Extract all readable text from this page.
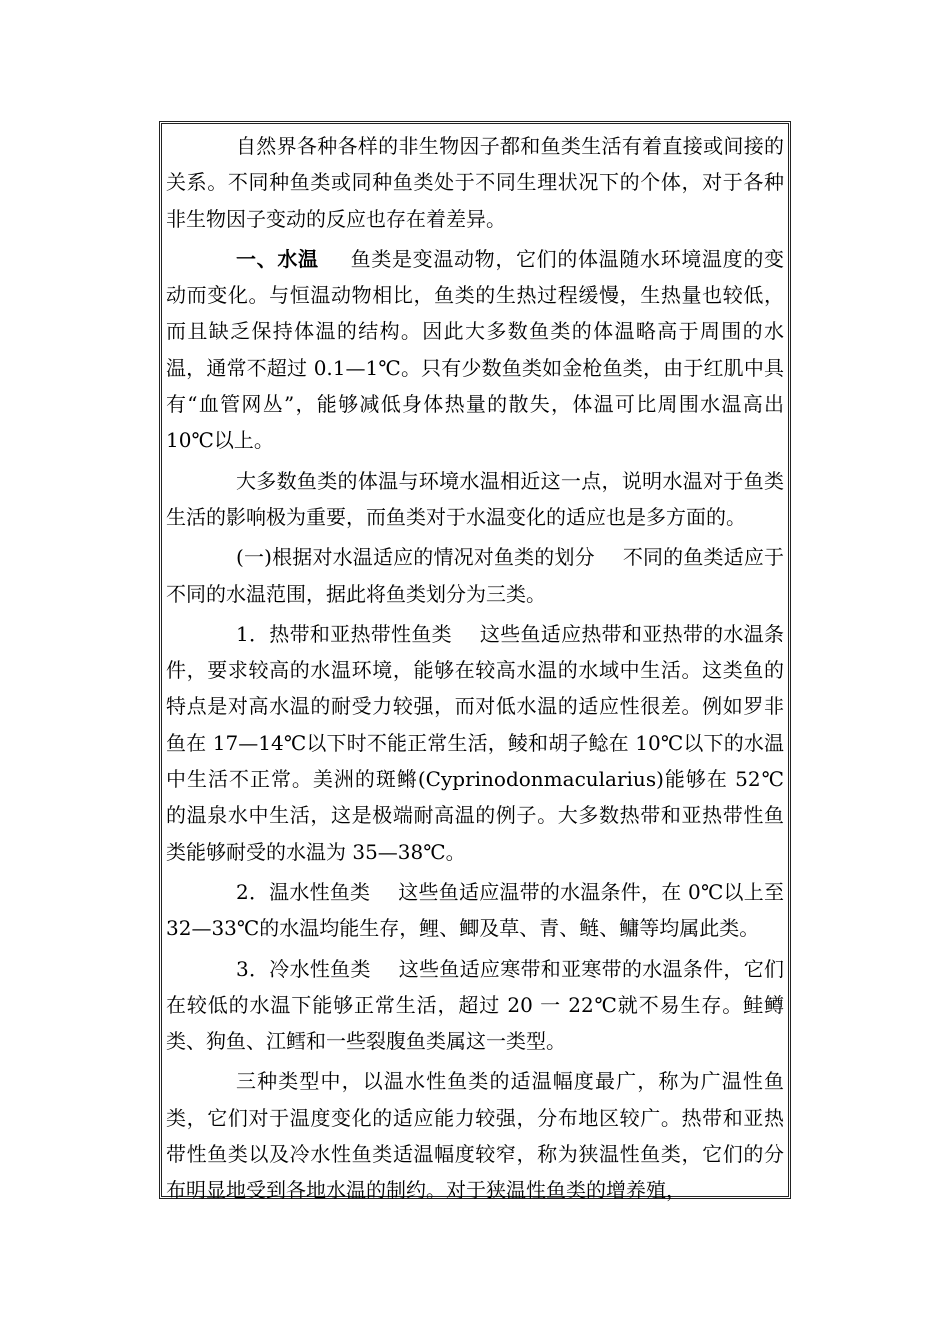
自然界各种各样的非生物因子都和鱼类生活有着直接或间接的关系。不同种鱼类或同种鱼类处于不同生理状况下的个体，对于各种非生物因子变动的反应也存在着差异。

一、水温 鱼类是变温动物，它们的体温随水环境温度的变动而变化。与恒温动物相比，鱼类的生热过程缓慢，生热量也较低，而且缺乏保持体温的结构。因此大多数鱼类的体温略高于周围的水温，通常不超过 0.1—1℃。只有少数鱼类如金枪鱼类，由于红肌中具有“血管网丛”，能够减低身体热量的散失，体温可比周围水温高出 10℃以上。

大多数鱼类的体温与环境水温相近这一点，说明水温对于鱼类生活的影响极为重要，而鱼类对于水温变化的适应也是多方面的。

(一)根据对水温适应的情况对鱼类的划分 不同的鱼类适应于不同的水温范围，据此将鱼类划分为三类。

1．热带和亚热带性鱼类 这些鱼适应热带和亚热带的水温条件，要求较高的水温环境，能够在较高水温的水域中生活。这类鱼的特点是对高水温的耐受力较强，而对低水温的适应性很差。例如罗非鱼在 17—14℃以下时不能正常生活，鲮和胡子鲶在 10℃以下的水温中生活不正常。美洲的斑鳉(Cyprinodonmacularius)能够在 52℃的温泉水中生活，这是极端耐高温的例子。大多数热带和亚热带性鱼类能够耐受的水温为 35—38℃。

2．温水性鱼类 这些鱼适应温带的水温条件，在 0℃以上至 32—33℃的水温均能生存，鲤、鲫及草、青、鲢、鳙等均属此类。

3．冷水性鱼类 这些鱼适应寒带和亚寒带的水温条件，它们在较低的水温下能够正常生活，超过 20 一 22℃就不易生存。鲑鳟类、狗鱼、江鳕和一些裂腹鱼类属这一类型。

三种类型中，以温水性鱼类的适温幅度最广，称为广温性鱼类，它们对于温度变化的适应能力较强，分布地区较广。热带和亚热带性鱼类以及冷水性鱼类适温幅度较窄，称为狭温性鱼类，它们的分布明显地受到各地水温的制约。对于狭温性鱼类的增养殖，
